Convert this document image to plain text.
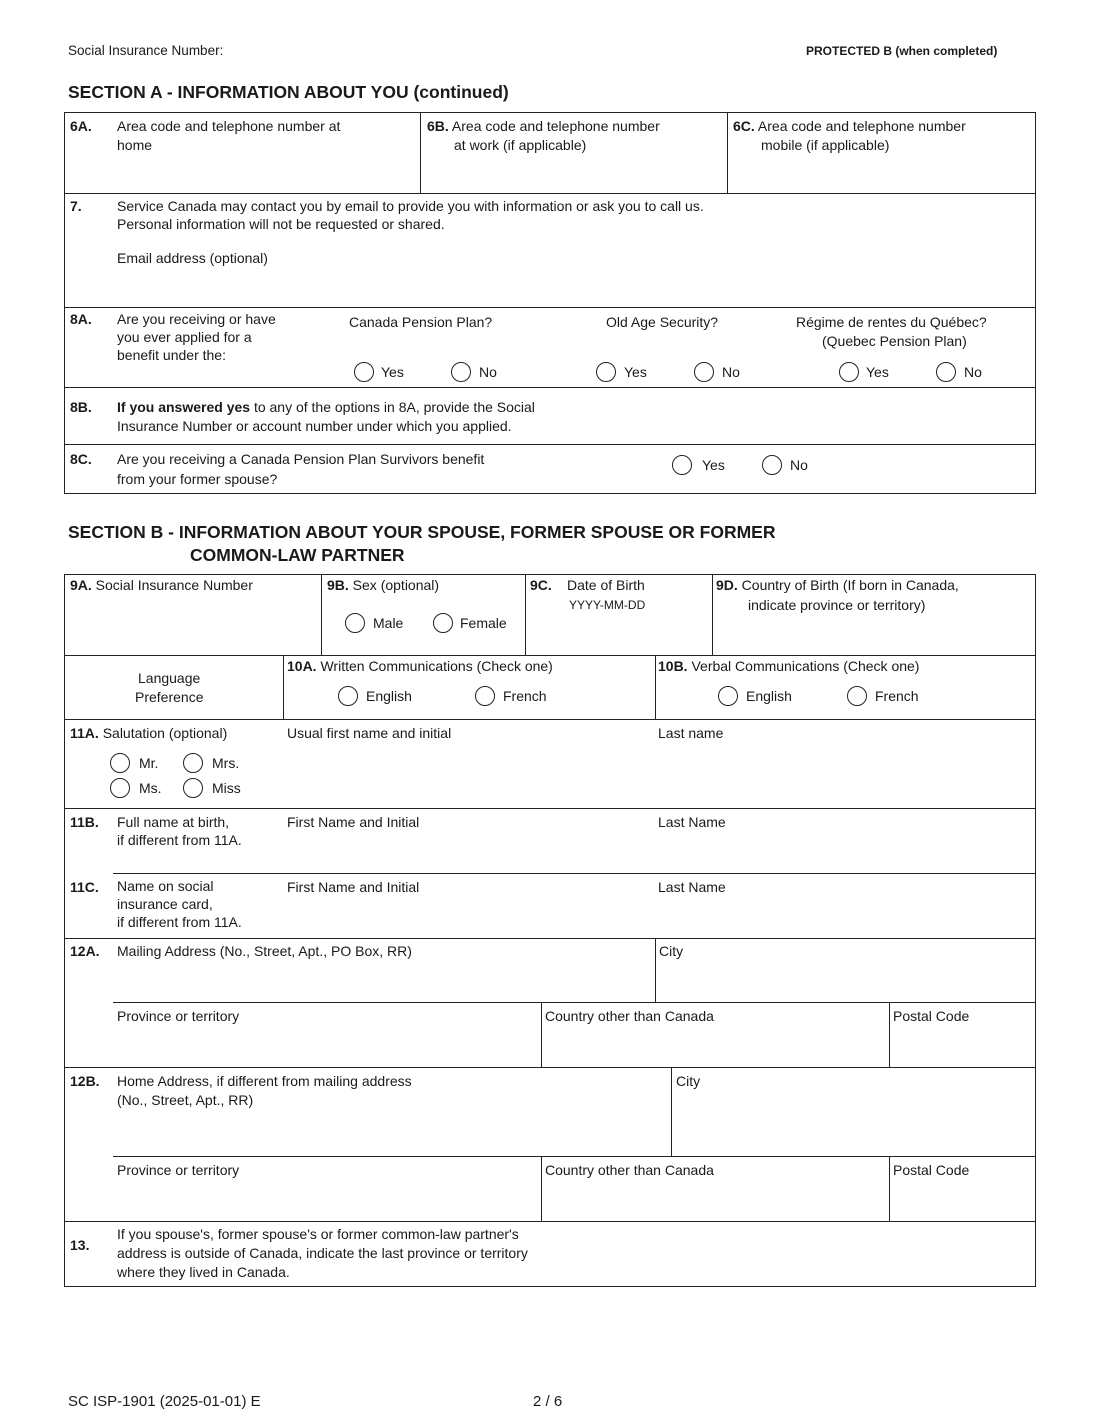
Social Insurance Number:	PROTECTED B (when completed)
SECTION A - INFORMATION ABOUT YOU (continued)
6A. Area code and telephone number at
home
6B. Area code and telephone number
at work (if applicable)
6C. Area code and telephone number
mobile (if applicable)
7.	Service Canada may contact you by email to provide you with information or ask you to call us.
Personal information will not be requested or shared.
Email address (optional)
8A. Are you receiving or have
you ever applied for a
benefit under the:
Canada Pension Plan?	Old Age Security?	Régime de rentes du Québec?
(Quebec Pension Plan)
Yes	No	Yes	No	Yes	No
8B. If you answered yes to any of the options in 8A, provide the Social
Insurance Number or account number under which you applied.
8C. Are you receiving a Canada Pension Plan Survivors benefit
from your former spouse?
Yes	No
SECTION B - INFORMATION ABOUT YOUR SPOUSE, FORMER SPOUSE OR FORMER
COMMON-LAW PARTNER
9A. Social Insurance Number	9B. Sex (optional)
Male	Female
9C. Date of Birth
YYYY-MM-DD
9D. Country of Birth (If born in Canada,
indicate province or territory)
Language
Preference
10A. Written Communications (Check one)
English	French
10B. Verbal Communications (Check one)
English	French
11A. Salutation (optional)	Usual first name and initial	Last name
Mr.	Mrs.
Ms.	Miss
11B. Full name at birth,
if different from 11A.
First Name and Initial	Last Name
11C. Name on social
insurance card,
if different from 11A.
First Name and Initial	Last Name
12A. Mailing Address (No., Street, Apt., PO Box, RR)	City
Province or territory	Country other than Canada	Postal Code
12B. Home Address, if different from mailing address
(No., Street, Apt., RR)
City
Province or territory	Country other than Canada	Postal Code
13.
If you spouse's, former spouse's or former common-law partner's
address is outside of Canada, indicate the last province or territory
where they lived in Canada.
SC ISP-1901 (2025-01-01) E	2 / 6
